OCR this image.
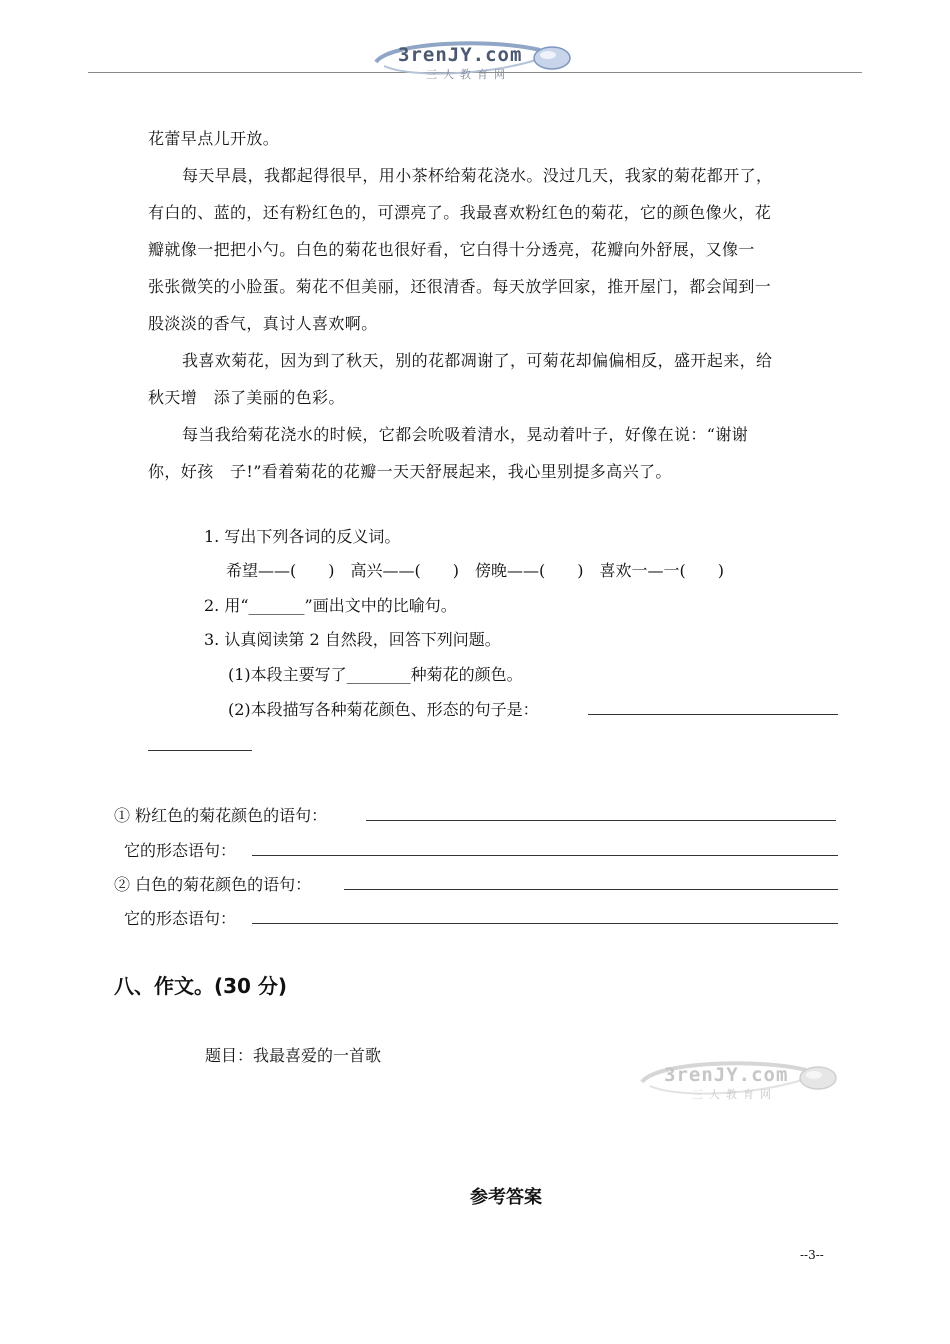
3renJY.com
三人教育网
花蕾早点儿开放。
每天早晨，我都起得很早，用小茶杯给菊花浇水。没过几天，我家的菊花都开了，
有白的、蓝的，还有粉红色的，可漂亮了。我最喜欢粉红色的菊花，它的颜色像火，花
瓣就像一把把小勺。白色的菊花也很好看，它白得十分透亮，花瓣向外舒展，又像一
张张微笑的小脸蛋。菊花不但美丽，还很清香。每天放学回家，推开屋门，都会闻到一
股淡淡的香气，真讨人喜欢啊。
我喜欢菊花，因为到了秋天，别的花都凋谢了，可菊花却偏偏相反，盛开起来，给
秋天增　添了美丽的色彩。
每当我给菊花浇水的时候，它都会吮吸着清水，晃动着叶子，好像在说：“谢谢
你，好孩　子!”看着菊花的花瓣一天天舒展起来，我心里别提多高兴了。
1. 写出下列各词的反义词。
希望——(　　)　高兴——(　　)　傍晚——(　　)　喜欢一—一(　　)
2. 用“_______”画出文中的比喻句。
3. 认真阅读第 2 自然段，回答下列问题。
(1)本段主要写了________种菊花的颜色。
(2)本段描写各种菊花颜色、形态的句子是：
① 粉红色的菊花颜色的语句：
它的形态语句：
② 白色的菊花颜色的语句：
它的形态语句：
八、作文。(30 分)
题目：我最喜爱的一首歌
3renJY.com
三人教育网
参考答案
--3--
